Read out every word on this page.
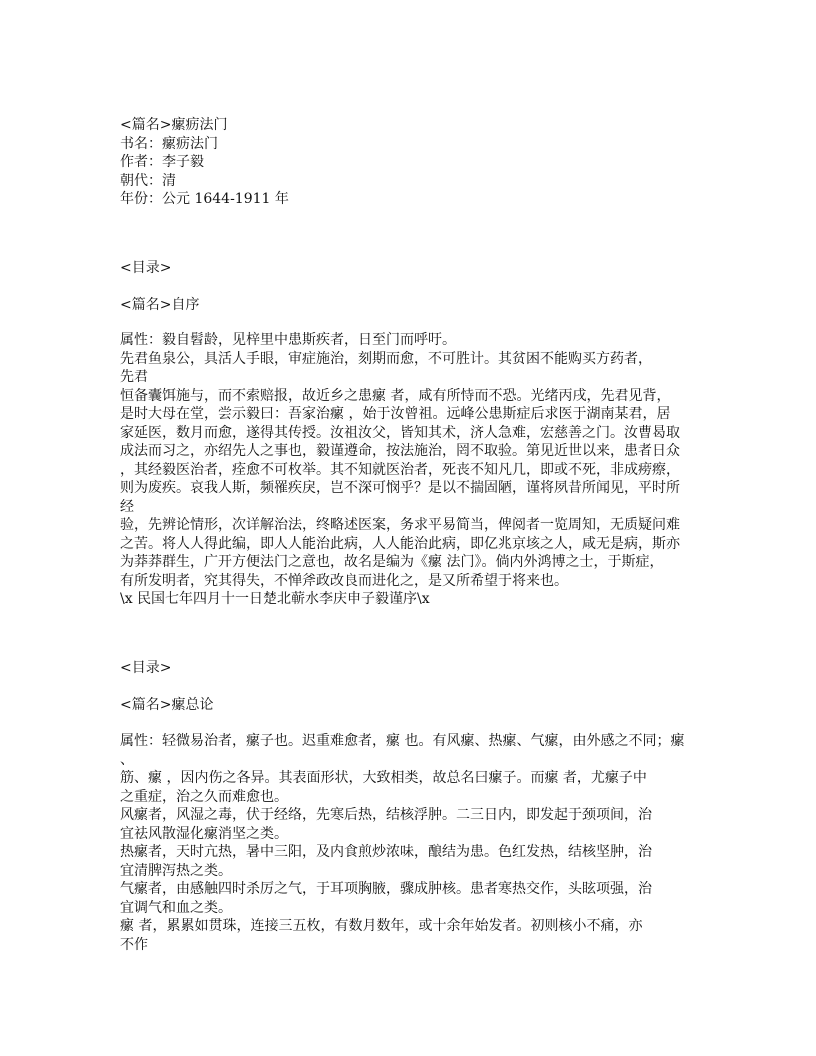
<篇名>瘰疬法门
书名：瘰疬法门
作者：李子毅
朝代：清
年份：公元 1644-1911 年
<目录>
<篇名>自序
属性：毅自髫龄，见梓里中患斯疾者，日至门而呼吁。
先君鱼泉公，具活人手眼，审症施治，刻期而愈，不可胜计。其贫困不能购买方药者，
先君
恒备囊饵施与，而不索赔报，故近乡之患瘰 者，咸有所恃而不恐。光绪丙戌，先君见背，
是时大母在堂，尝示毅曰：吾家治瘰 ，始于汝曾祖。远峰公患斯症后求医于湖南某君，居
家延医，数月而愈，遂得其传授。汝祖汝父，皆知其术，济人急难，宏慈善之门。汝曹曷取
成法而习之，亦绍先人之事也，毅谨遵命，按法施治，罔不取验。第见近世以来，患者日众
，其经毅医治者，痊愈不可枚举。其不知就医治者，死丧不知凡几，即或不死，非成痨瘵，
则为废疾。哀我人斯，频罹疾戾，岂不深可悯乎？是以不揣固陋，谨将夙昔所闻见，平时所
经
验，先辨论情形，次详解治法，终略述医案，务求平易简当，俾阅者一览周知，无质疑问难
之苦。将人人得此编，即人人能治此病，人人能治此病，即亿兆京垓之人，咸无是病，斯亦
为莽莽群生，广开方便法门之意也，故名是编为《瘰 法门》。倘内外鸿博之士，于斯症，
有所发明者，究其得失，不惮斧政改良而进化之，是又所希望于将来也。
\x 民国七年四月十一日楚北蕲水李庆申子毅谨序\x
<目录>
<篇名>瘰总论
属性：轻微易治者，瘰子也。迟重难愈者，瘰 也。有风瘰、热瘰、气瘰，由外感之不同；瘰
、
筋、瘰 ，因内伤之各异。其表面形状，大致相类，故总名曰瘰子。而瘰 者，尤瘰子中
之重症，治之久而难愈也。
风瘰者，风湿之毒，伏于经络，先寒后热，结核浮肿。二三日内，即发起于颈项间，治
宜祛风散湿化瘰消坚之类。
热瘰者，天时亢热，暑中三阳，及内食煎炒浓味，酿结为患。色红发热，结核坚肿，治
宜清脾泻热之类。
气瘰者，由感触四时杀厉之气，于耳项胸腋，骤成肿核。患者寒热交作，头眩项强，治
宜调气和血之类。
瘰 者，累累如贯珠，连接三五枚，有数月数年，或十余年始发者。初则核小不痛，亦
不作
